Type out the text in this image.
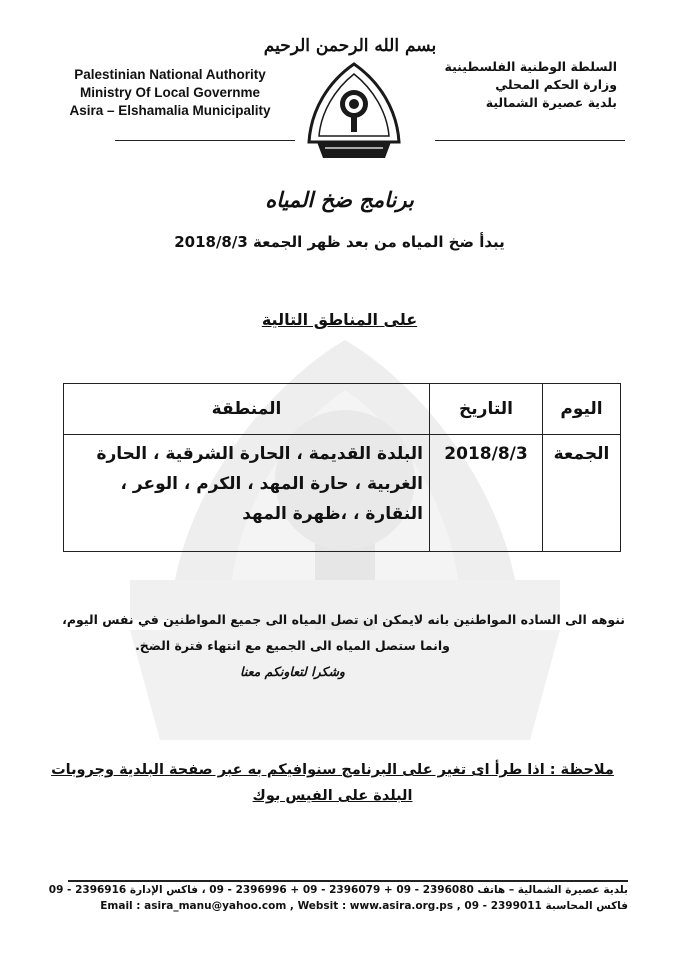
بسم الله الرحمن الرحيم
Palestinian National Authority
Ministry Of Local Governme
Asira – Elshamalia Municipality
السلطة الوطنية الفلسطينية
وزارة الحكم المحلي
بلدية عصيرة الشمالية
برنامج ضخ المياه
يبدأ ضخ المياه من بعد ظهر الجمعة 2018/8/3
على المناطق التالية
اليوم	التاريخ	المنطقة
الجمعة	2018/8/3	البلدة القديمة ، الحارة الشرقية ، الحارة الغربية ، حارة المهد ، الكرم ، الوعر ، النقارة ، ،ظهرة المهد
ننوهه الى الساده المواطنين بانه لايمكن ان تصل المياه الى جميع المواطنين في نفس اليوم،
وانما ستصل المياه الى الجميع مع انتهاء فترة الضخ.
وشكرا لتعاونكم معنا
ملاحظة : اذا طرأ اى تغير على البرنامج سنوافيكم به عبر صفحة البلدية وجروبات
البلدة على الفيس بوك
بلدية عصيرة الشمالية – هاتف 2396080 - 09 + 2396079 - 09 + 2396996 - 09 ، فاكس الإدارة 2396916 - 09
فاكس المحاسبة 2399011 - 09 , Email : asira_manu@yahoo.com , Websit : www.asira.org.ps
